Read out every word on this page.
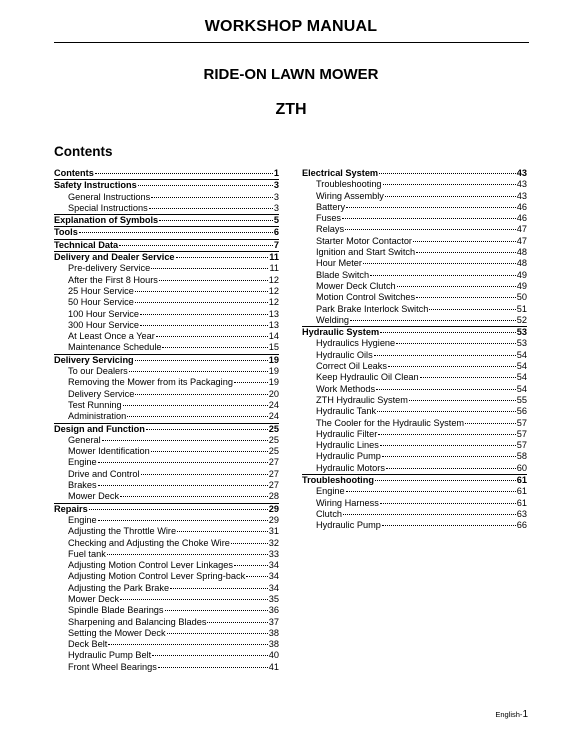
WORKSHOP MANUAL
RIDE-ON LAWN MOWER
ZTH
Contents
Contents	1
Safety Instructions	3
General Instructions	3
Special Instructions	3
Explanation of Symbols	5
Tools	6
Technical Data	7
Delivery and Dealer Service	11
Pre-delivery Service	11
After the First 8 Hours	12
25 Hour Service	12
50 Hour Service	12
100 Hour Service	13
300 Hour Service	13
At Least Once a Year	14
Maintenance Schedule	15
Delivery Servicing	19
To our Dealers	19
Removing the Mower from its Packaging	19
Delivery Service	20
Test Running	24
Administration	24
Design and Function	25
General	25
Mower Identification	25
Engine	27
Drive and Control	27
Brakes	27
Mower Deck	28
Repairs	29
Engine	29
Adjusting the Throttle Wire	31
Checking and Adjusting the Choke Wire	32
Fuel tank	33
Adjusting Motion Control Lever Linkages	34
Adjusting Motion Control Lever Spring-back	34
Adjusting the Park Brake	34
Mower Deck	35
Spindle Blade Bearings	36
Sharpening and Balancing Blades	37
Setting the Mower Deck	38
Deck Belt	38
Hydraulic Pump Belt	40
Front Wheel Bearings	41
Electrical System	43
Troubleshooting	43
Wiring Assembly	43
Battery	46
Fuses	46
Relays	47
Starter Motor Contactor	47
Ignition and Start Switch	48
Hour Meter	48
Blade Switch	49
Mower Deck Clutch	49
Motion Control Switches	50
Park Brake Interlock Switch	51
Welding	52
Hydraulic System	53
Hydraulics Hygiene	53
Hydraulic Oils	54
Correct Oil Leaks	54
Keep Hydraulic Oil Clean	54
Work Methods	54
ZTH Hydraulic System	55
Hydraulic Tank	56
The Cooler for the Hydraulic System	57
Hydraulic Filter	57
Hydraulic Lines	57
Hydraulic Pump	58
Hydraulic Motors	60
Troubleshooting	61
Engine	61
Wiring Harness	61
Clutch	63
Hydraulic Pump	66
English-1
